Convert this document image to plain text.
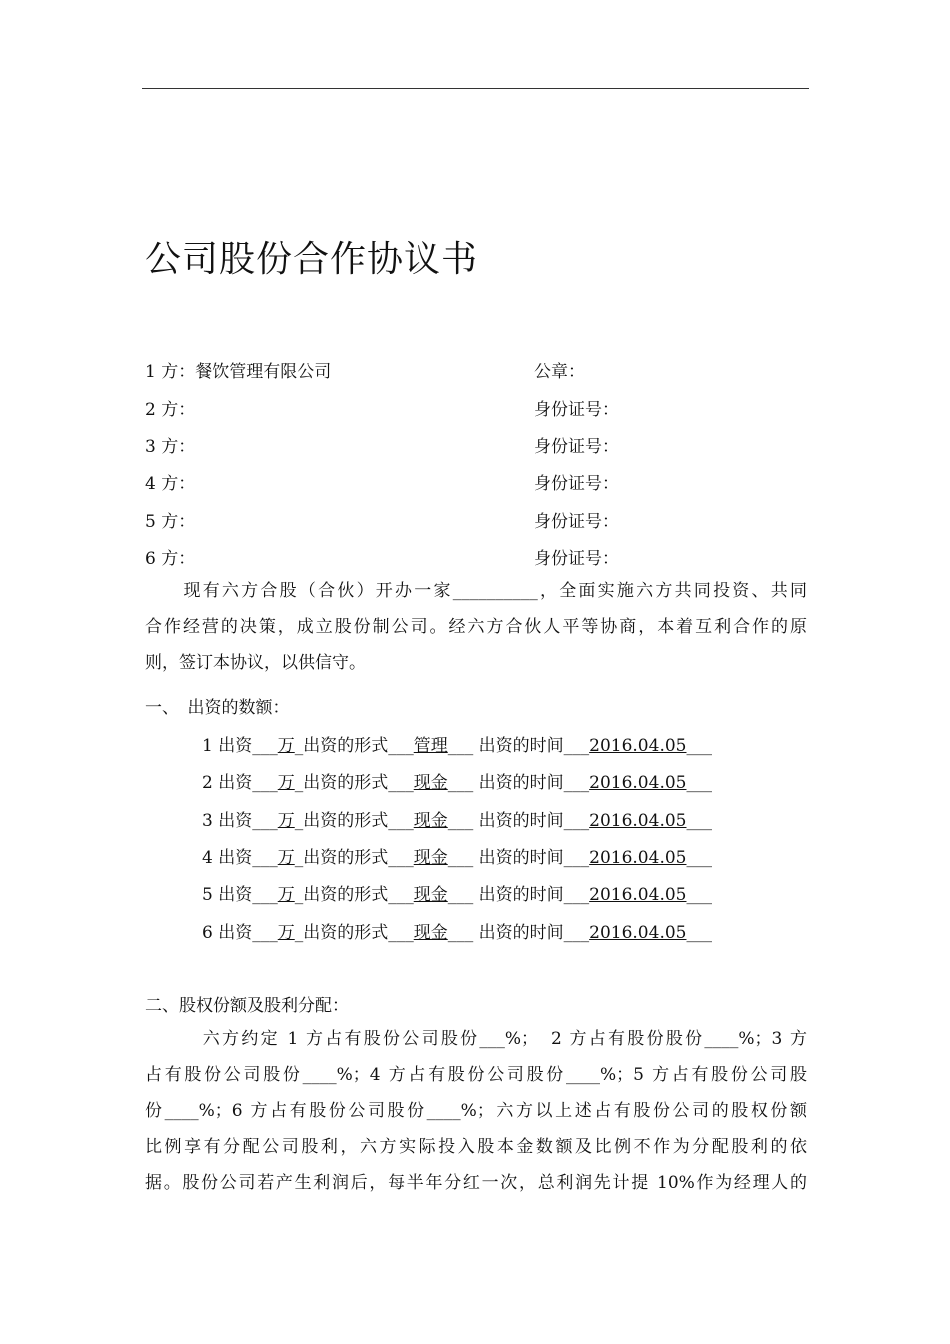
公司股份合作协议书
1 方：餐饮管理有限公司	公章：
2 方：	身份证号：
3 方：	身份证号：
4 方：	身份证号：
5 方：	身份证号：
6 方：	身份证号：
　　现有六方合股（合伙）开办一家__________，全面实施六方共同投资、共同
合作经营的决策，成立股份制公司。经六方合伙人平等协商，本着互利合作的原
则，签订本协议，以供信守。
一、　出资的数额：
1 出资___万_出资的形式___管理___ 出资的时间___2016.04.05___
2 出资___万_出资的形式___现金___ 出资的时间___2016.04.05___
3 出资___万_出资的形式___现金___ 出资的时间___2016.04.05___
4 出资___万_出资的形式___现金___ 出资的时间___2016.04.05___
5 出资___万_出资的形式___现金___ 出资的时间___2016.04.05___
6 出资___万_出资的形式___现金___ 出资的时间___2016.04.05___
二、股权份额及股利分配：
　　　六方约定 1 方占有股份公司股份___%；　2 方占有股份股份____%；3 方
占有股份公司股份____%；4 方占有股份公司股份____%；5 方占有股份公司股
份____%；6 方占有股份公司股份____%；六方以上述占有股份公司的股权份额
比例享有分配公司股利，六方实际投入股本金数额及比例不作为分配股利的依
据。股份公司若产生利润后，每半年分红一次，总利润先计提 10%作为经理人的
